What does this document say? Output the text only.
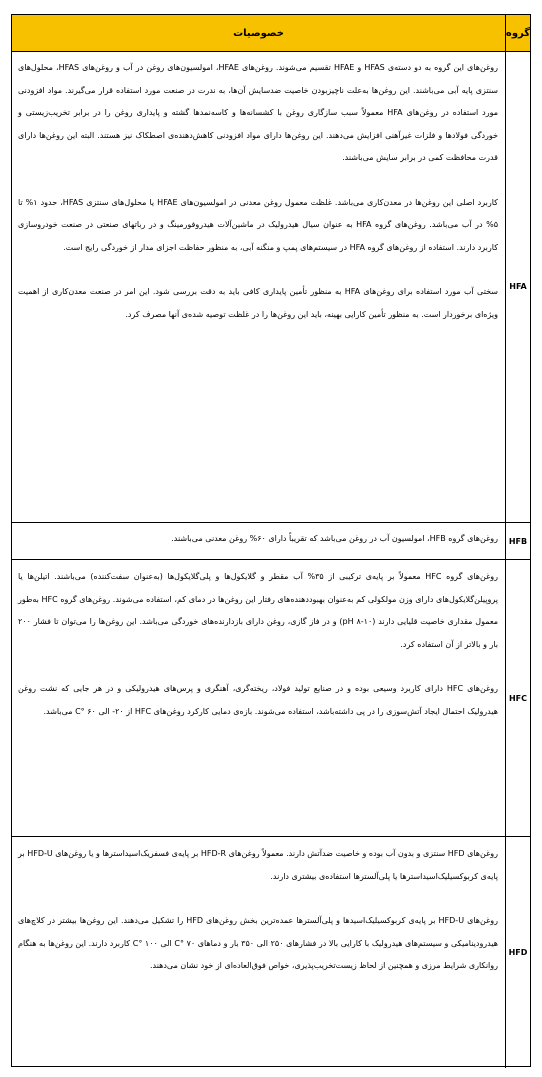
خصوصیات	گروه
HFA

روغن‌های این گروه به دو دسته‌ی HFAS و HFAE تقسیم می‌شوند. روغن‌های HFAE، امولسیون‌های روغن در آب و روغن‌های HFAS، محلول‌های سنتزی پایه آبی می‌باشند. این روغن‌ها به‌علت ناچیزبودن خاصیت ضدسایش آن‌ها، به ندرت در صنعت مورد استفاده قرار می‌گیرند. مواد افزودنی مورد استفاده در روغن‌های HFA معمولاً سبب سازگاری روغن با کشسانه‌ها و کاسه‌نمدها گشته و پایداری روغن را در برابر تخریب‌زیستی و خوردگی فولادها و فلزات غیرآهنی افزایش می‌دهند. این روغن‌ها دارای مواد افزودنی کاهش‌دهنده‌ی اصطکاک نیز هستند. البته این روغن‌ها دارای قدرت محافظت کمی در برابر سایش می‌باشند.

کاربرد اصلی این روغن‌ها در معدن‌کاری می‌باشد. غلظت معمول روغن معدنی در امولسیون‌های HFAE یا محلول‌های سنتزی HFAS، حدود ۱% تا ۵% در آب می‌باشد. روغن‌های گروه HFA به عنوان سیال هیدرولیک در ماشین‌آلات هیدروفورمینگ و در رباتهای صنعتی در صنعت خودروسازی کاربرد دارند. استفاده از روغن‌های گروه HFA در سیستم‌های پمپ و منگنه آبی، به منظور حفاظت اجزای مدار از خوردگی رایج است.

سختی آب مورد استفاده برای روغن‌های HFA به منظور تأمین پایداری کافی باید به دقت بررسی شود. این امر در صنعت معدن‌کاری از اهمیت ویژه‌ای برخوردار است. به منظور تأمین کارایی بهینه، باید این روغن‌ها را در غلظت توصیه شده‌ی آنها مصرف کرد.

HFB

روغن‌های گروه HFB، امولسیون آب در روغن می‌باشد که تقریباً دارای ۶۰% روغن معدنی می‌باشند.

HFC

روغن‌های گروه HFC معمولاً بر پایه‌ی ترکیبی از ۳۵% آب مقطر و گلایکول‌ها و پلی‌گلایکول‌ها (به‌عنوان سفت‌کننده) می‌باشند. اتیلن‌ها یا پروپیلن‌گلایکول‌های دارای وزن مولکولی کم به‌عنوان بهبوددهنده‌های رفتار این روغن‌ها در دمای کم، استفاده می‌شوند. روغن‌های گروه HFC به‌طور معمول مقداری خاصیت قلیایی دارند (pH ۸-۱۰) و در فاز گازی، روغن دارای بازدارنده‌های خوردگی می‌باشد. این روغن‌ها را می‌توان تا فشار ۲۰۰ بار و بالاتر از آن استفاده کرد.

روغن‌های HFC دارای کاربرد وسیعی بوده و در صنایع تولید فولاد، ریخته‌گری، آهنگری و پرس‌های هیدرولیکی و در هر جایی که نشت روغن هیدرولیک احتمال ایجاد آتش‌سوزی را در پی داشته‌باشد، استفاده می‌شوند. بازه‌ی دمایی کارکرد روغن‌های HFC از ۲۰- الی ۶۰ °C می‌باشد.

HFD

روغن‌های HFD سنتزی و بدون آب بوده و خاصیت ضدآتش دارند. معمولاً روغن‌های HFD-R بر پایه‌ی فسفریک‌اسیداسترها و یا روغن‌های HFD-U بر پایه‌ی کربوکسیلیک‌اسیداسترها یا پلی‌آلسترها استفاده‌ی بیشتری دارند.

روغن‌های HFD-U بر پایه‌ی کربوکسیلیک‌اسیدها و پلی‌آلسترها عمده‌ترین بخش روغن‌های HFD را تشکیل می‌دهند. این روغن‌ها بیشتر در کلاچ‌های هیدرودینامیکی و سیستم‌های هیدرولیک با کارایی بالا در فشارهای ۲۵۰ الی ۳۵۰ بار و دماهای ۷۰ °C الی ۱۰۰ °C کاربرد دارند. این روغن‌ها به هنگام روانکاری شرایط مرزی و همچنین از لحاظ زیست‌تخریب‌پذیری، خواص فوق‌العاده‌ای از خود نشان می‌دهند.
